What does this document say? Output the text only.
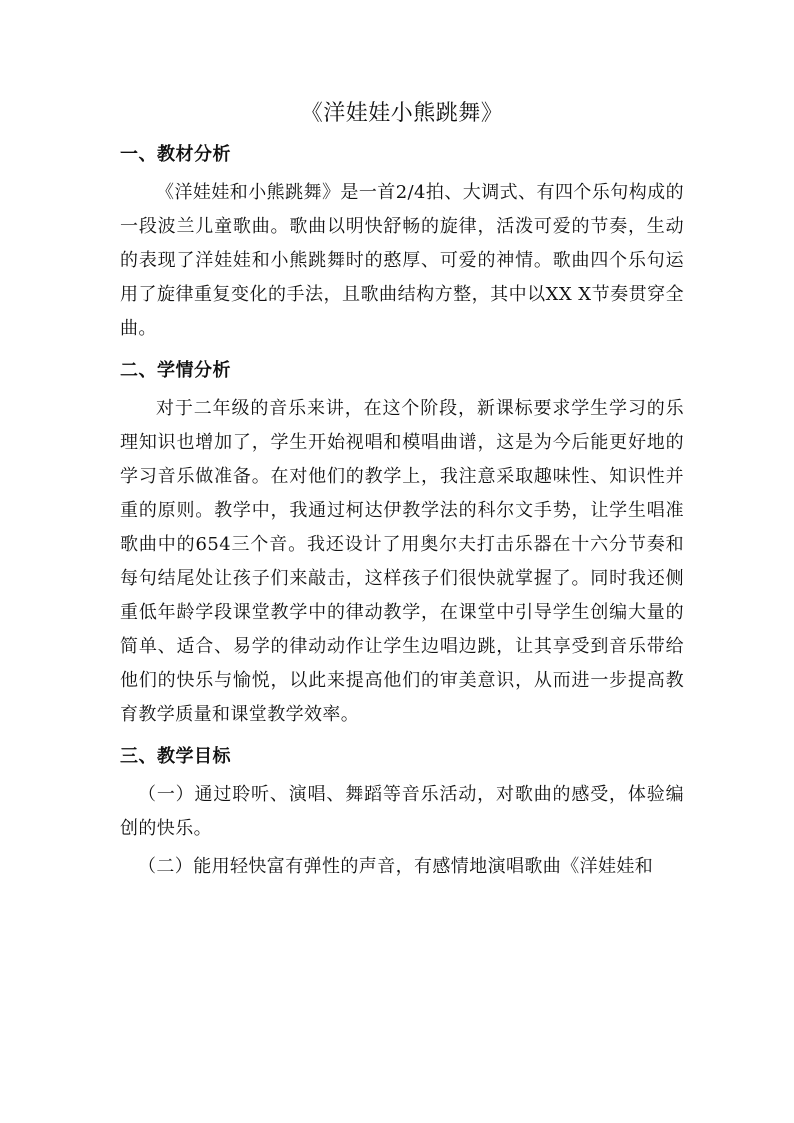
《洋娃娃小熊跳舞》
一、教材分析

《洋娃娃和小熊跳舞》是一首2/4拍、大调式、有四个乐句构成的一段波兰儿童歌曲。歌曲以明快舒畅的旋律，活泼可爱的节奏，生动的表现了洋娃娃和小熊跳舞时的憨厚、可爱的神情。歌曲四个乐句运用了旋律重复变化的手法，且歌曲结构方整，其中以XX X节奏贯穿全曲。

二、学情分析

对于二年级的音乐来讲，在这个阶段，新课标要求学生学习的乐理知识也增加了，学生开始视唱和模唱曲谱，这是为今后能更好地的学习音乐做准备。在对他们的教学上，我注意采取趣味性、知识性并重的原则。教学中，我通过柯达伊教学法的科尔文手势，让学生唱准歌曲中的654三个音。我还设计了用奥尔夫打击乐器在十六分节奏和每句结尾处让孩子们来敲击，这样孩子们很快就掌握了。同时我还侧重低年龄学段课堂教学中的律动教学，在课堂中引导学生创编大量的简单、适合、易学的律动动作让学生边唱边跳，让其享受到音乐带给他们的快乐与愉悦，以此来提高他们的审美意识，从而进一步提高教育教学质量和课堂教学效率。

三、教学目标

（一）通过聆听、演唱、舞蹈等音乐活动，对歌曲的感受，体验编创的快乐。

（二）能用轻快富有弹性的声音，有感情地演唱歌曲《洋娃娃和
